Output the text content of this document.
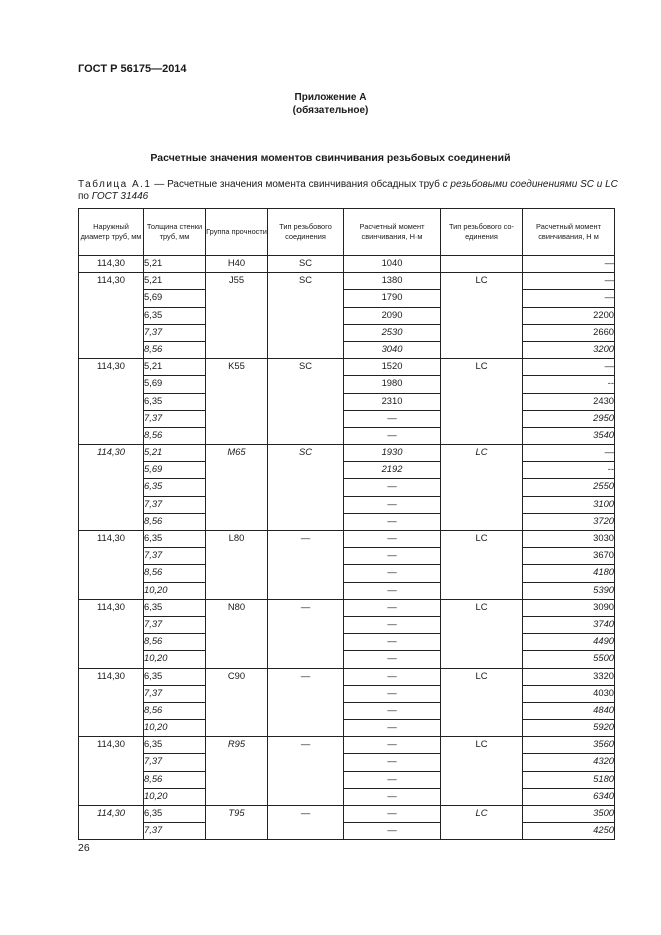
ГОСТ Р 56175—2014
Приложение А
(обязательное)
Расчетные значения моментов свинчивания резьбовых соединений
Таблица А.1 — Расчетные значения момента свинчивания обсадных труб с резьбовыми соединениями SC и LC по ГОСТ 31446
Наружный диаметр труб, мм	Толщина стенки труб, мм	Группа прочности	Тип резьбового соединения	Расчетный момент свинчивания, Н·м	Тип резьбового со-единения	Расчетный момент свинчивания, Н м
114,30	5,21	H40	SC	1040		—
114,30	5,21	J55	SC	1380	LC	—
	5,69			1790		—
	6,35			2090		2200
	7,37			2530		2660
	8,56			3040		3200
114,30	5,21	K55	SC	1520	LC	—
	5,69			1980		--
	6,35			2310		2430
	7,37			—		2950
	8,56			—		3540
114,30	5,21	M65	SC	1930	LC	—
	5,69			2192		--
	6,35			—		2550
	7,37			—		3100
	8,56			—		3720
114,30	6,35	L80	—	—	LC	3030
	7,37			—		3670
	8,56			—		4180
	10,20			—		5390
114,30	6,35	N80	—	—	LC	3090
	7,37			—		3740
	8,56			—		4490
	10,20			—		5500
114,30	6,35	C90	—	—	LC	3320
	7,37			—		4030
	8,56			—		4840
	10,20			—		5920
114,30	6,35	R95	—	—	LC	3560
	7,37			—		4320
	8,56			—		5180
	10,20			—		6340
114,30	6,35	T95	—	—	LC	3500
	7,37			—		4250
26
